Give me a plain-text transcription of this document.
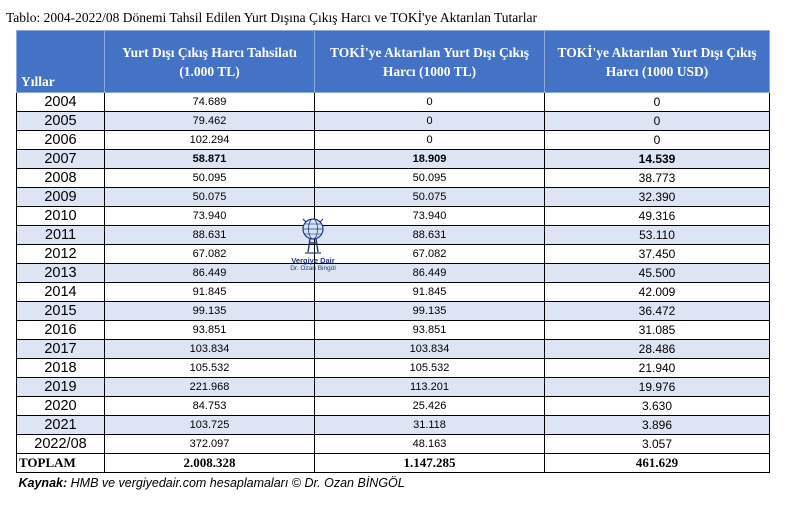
Tablo: 2004-2022/08 Dönemi Tahsil Edilen Yurt Dışına Çıkış Harcı ve TOKİ'ye Aktarılan Tutarlar
Yıllar	Yurt Dışı Çıkış Harcı Tahsilatı (1.000 TL)	TOKİ'ye Aktarılan Yurt Dışı Çıkış Harcı (1000 TL)	TOKİ'ye Aktarılan Yurt Dışı Çıkış Harcı (1000 USD)
2004	74.689	0	0
2005	79.462	0	0
2006	102.294	0	0
2007	58.871	18.909	14.539
2008	50.095	50.095	38.773
2009	50.075	50.075	32.390
2010	73.940	73.940	49.316
2011	88.631	88.631	53.110
2012	67.082	67.082	37.450
2013	86.449	86.449	45.500
2014	91.845	91.845	42.009
2015	99.135	99.135	36.472
2016	93.851	93.851	31.085
2017	103.834	103.834	28.486
2018	105.532	105.532	21.940
2019	221.968	113.201	19.976
2020	84.753	25.426	3.630
2021	103.725	31.118	3.896
2022/08	372.097	48.163	3.057
TOPLAM	2.008.328	1.147.285	461.629
Kaynak: HMB ve vergiyedair.com hesaplamaları © Dr. Ozan BİNGÖL			
Vergiye Dair
Dr. Ozan Bingöl
